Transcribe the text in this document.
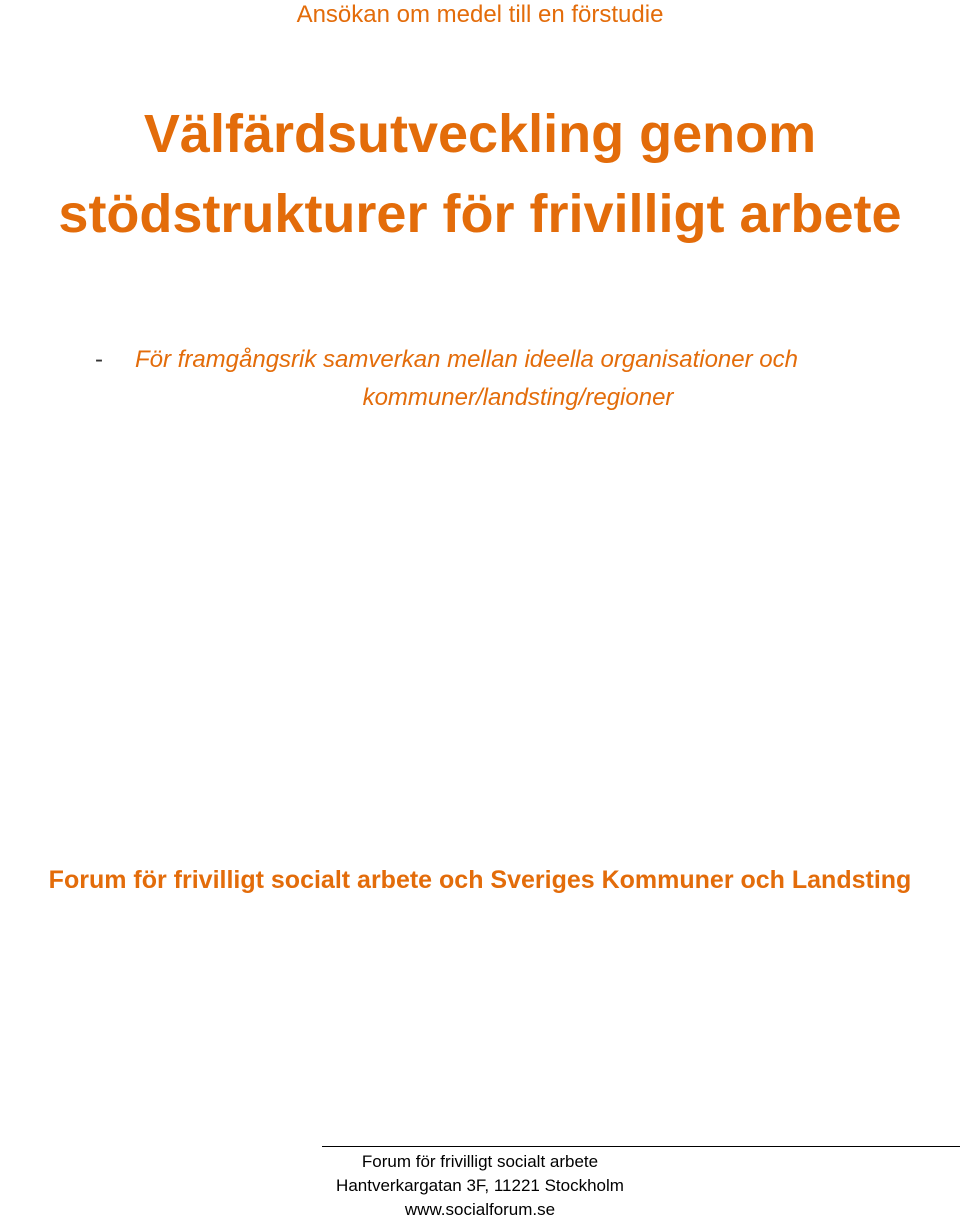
Ansökan om medel till en förstudie
Välfärdsutveckling genom
stödstrukturer för frivilligt arbete
- För framgångsrik samverkan mellan ideella organisationer och
kommuner/landsting/regioner
Forum för frivilligt socialt arbete och Sveriges Kommuner och Landsting
Forum för frivilligt socialt arbete
Hantverkargatan 3F, 11221 Stockholm
www.socialforum.se
